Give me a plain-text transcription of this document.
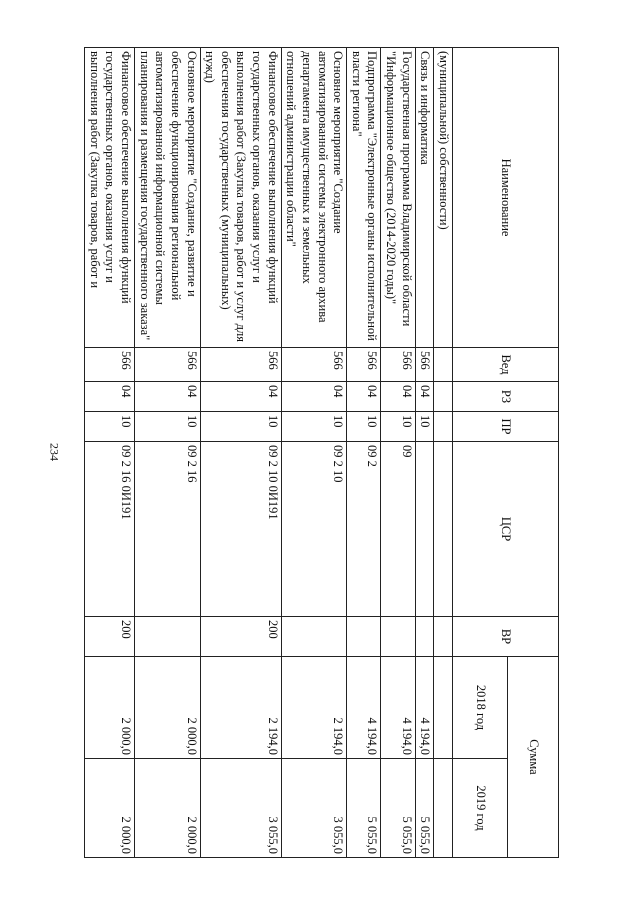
234
Наименование	Вед	РЗ	ПР	ЦСР	ВР	Сумма	
						2018 год	2019 год
(муниципальной) собственности)							
Связь и информатика	566	04	10			4 194,0	5 055,0
Государственная программа Владимирской области "Информационное общество (2014-2020 годы)"	566	04	10	09		4 194,0	5 055,0
Подпрограмма "Электронные органы исполнительной власти региона"	566	04	10	09 2		4 194,0	5 055,0
Основное мероприятие "Создание автоматизированной системы электронного архива департамента имущественных и земельных отношений администрации области"	566	04	10	09 2 10		2 194,0	3 055,0
Финансовое обеспечение выполнения функций государственных органов, оказания услуг и выполнения работ (Закупка товаров, работ и услуг для обеспечения государственных (муниципальных) нужд)	566	04	10	09 2 10 0И191	200	2 194,0	3 055,0
Основное мероприятие "Создание, развитие и обеспечение функционирования региональной автоматизированной информационной системы планирования и размещения государственного заказа"	566	04	10	09 2 16		2 000,0	2 000,0
Финансовое обеспечение выполнения функций государственных органов, оказания услуг и выполнения работ (Закупка товаров, работ и	566	04	10	09 2 16 0И191	200	2 000,0	2 000,0
